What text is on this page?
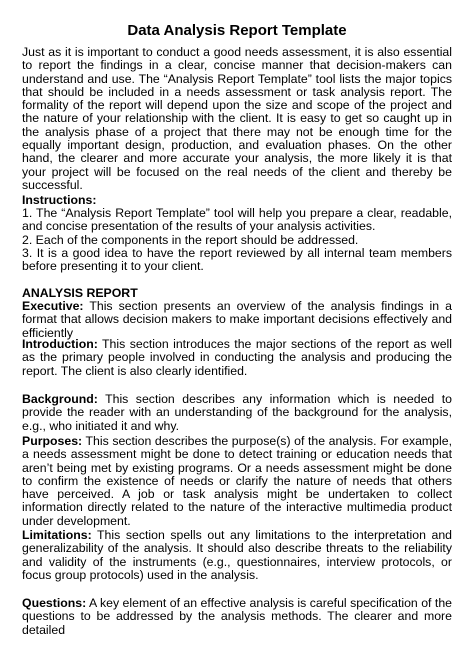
Data Analysis Report Template

Just as it is important to conduct a good needs assessment, it is also essential to report the findings in a clear, concise manner that decision-makers can understand and use. The “Analysis Report Template” tool lists the major topics that should be included in a needs assessment or task analysis report. The formality of the report will depend upon the size and scope of the project and the nature of your relationship with the client. It is easy to get so caught up in the analysis phase of a project that there may not be enough time for the equally important design, production, and evaluation phases. On the other hand, the clearer and more accurate your analysis, the more likely it is that your project will be focused on the real needs of the client and thereby be successful.

Instructions:
1. The “Analysis Report Template” tool will help you prepare a clear, readable, and concise presentation of the results of your analysis activities.
2. Each of the components in the report should be addressed.
3. It is a good idea to have the report reviewed by all internal team members before presenting it to your client.
ANALYSIS REPORT

Executive: This section presents an overview of the analysis findings in a format that allows decision makers to make important decisions effectively and efficiently

Introduction: This section introduces the major sections of the report as well as the primary people involved in conducting the analysis and producing the report. The client is also clearly identified.

Background: This section describes any information which is needed to provide the reader with an understanding of the background for the analysis, e.g., who initiated it and why.

Purposes: This section describes the purpose(s) of the analysis. For example, a needs assessment might be done to detect training or education needs that aren’t being met by existing programs. Or a needs assessment might be done to confirm the existence of needs or clarify the nature of needs that others have perceived. A job or task analysis might be undertaken to collect information directly related to the nature of the interactive multimedia product under development.

Limitations: This section spells out any limitations to the interpretation and generalizability of the analysis. It should also describe threats to the reliability and validity of the instruments (e.g., questionnaires, interview protocols, or focus group protocols) used in the analysis.

Questions: A key element of an effective analysis is careful specification of the questions to be addressed by the analysis methods. The clearer and more detailed
